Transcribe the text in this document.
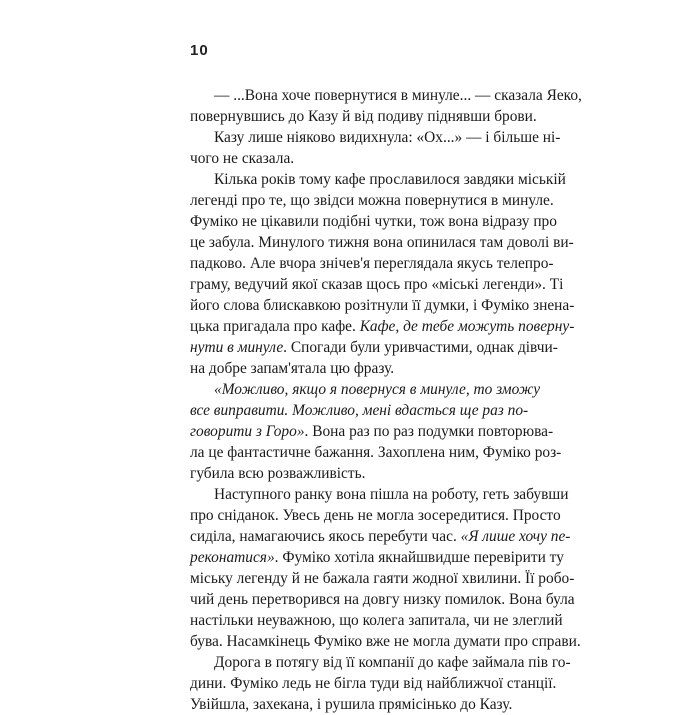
10
— ...Вона хоче повернутися в минуле... — сказала Яеко,
повернувшись до Казу й від подиву піднявши брови.
Казу лише ніяково видихнула: «Ох...» — і більше ні-
чого не сказала.
Кілька років тому кафе прославилося завдяки міській
легенді про те, що звідси можна повернутися в минуле.
Фуміко не цікавили подібні чутки, тож вона відразу про
це забула. Минулого тижня вона опинилася там доволі ви-
падково. Але вчора знічев'я переглядала якусь телепро-
граму, ведучий якої сказав щось про «міські легенди». Ті
його слова блискавкою розітнули її думки, і Фуміко знена-
цька пригадала про кафе. Кафе, де тебе можуть поверну-
нути в минуле. Спогади були уривчастими, однак дівчи-
на добре запам'ятала цю фразу.
«Можливо, якщо я повернуся в минуле, то зможу
все виправити. Можливо, мені вдасться ще раз по-
говорити з Горо». Вона раз по раз подумки повторюва-
ла це фантастичне бажання. Захоплена ним, Фуміко роз-
губила всю розважливість.
Наступного ранку вона пішла на роботу, геть забувши
про сніданок. Увесь день не могла зосередитися. Просто
сиділа, намагаючись якось перебути час. «Я лише хочу пе-
реконатися». Фуміко хотіла якнайшвидше перевірити ту
міську легенду й не бажала гаяти жодної хвилини. Її робо-
чий день перетворився на довгу низку помилок. Вона була
настільки неуважною, що колега запитала, чи не злеглий
бува. Насамкінець Фуміко вже не могла думати про справи.
Дорога в потягу від її компанії до кафе займала пів го-
дини. Фуміко ледь не бігла туди від найближчої станції.
Увійшла, захекана, і рушила прямісінько до Казу.
